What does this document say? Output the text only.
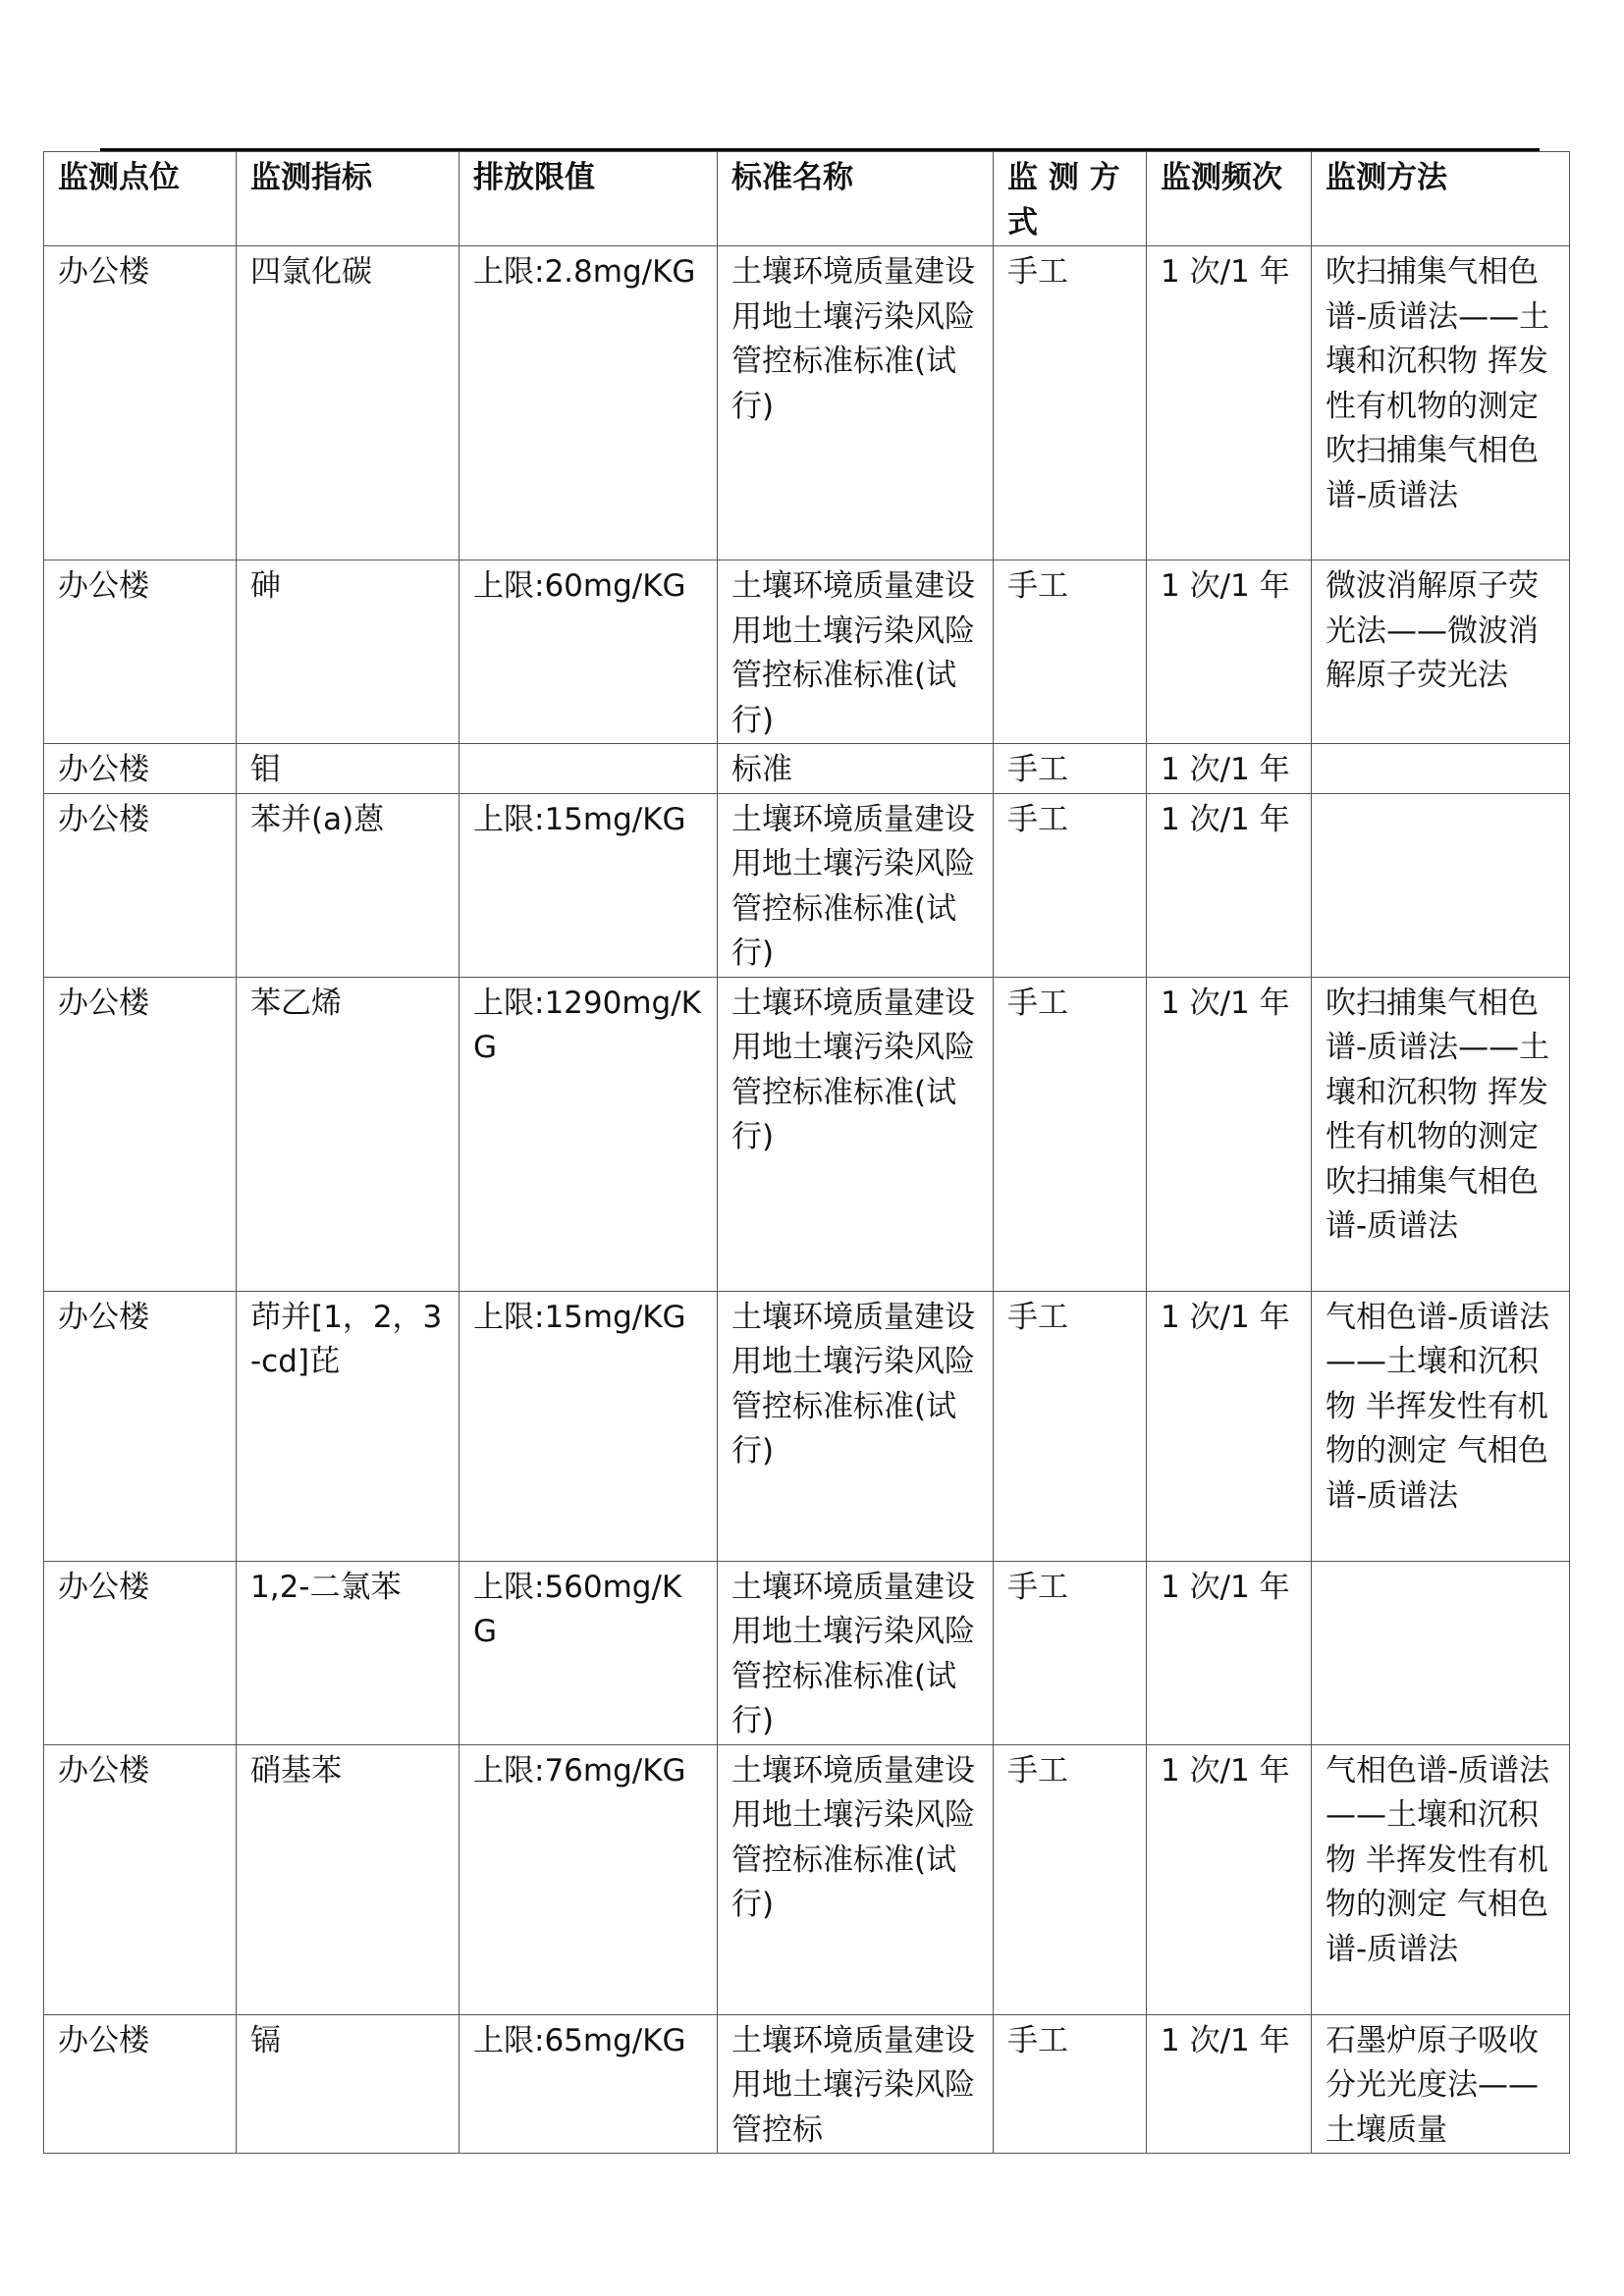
监测点位	监测指标	排放限值	标准名称	监 测 方 式	监测频次	监测方法
办公楼	四氯化碳	上限:2.8mg/KG	土壤环境质量建设用地土壤污染风险管控标准标准(试行)	手工	1 次/1 年	吹扫捕集气相色谱-质谱法——土壤和沉积物 挥发性有机物的测定 吹扫捕集气相色谱-质谱法
办公楼	砷	上限:60mg/KG	土壤环境质量建设用地土壤污染风险管控标准标准(试行)	手工	1 次/1 年	微波消解原子荧光法——微波消解原子荧光法
办公楼	钼		标准	手工	1 次/1 年	
办公楼	苯并(a)蒽	上限:15mg/KG	土壤环境质量建设用地土壤污染风险管控标准标准(试行)	手工	1 次/1 年	
办公楼	苯乙烯	上限:1290mg/KG	土壤环境质量建设用地土壤污染风险管控标准标准(试行)	手工	1 次/1 年	吹扫捕集气相色谱-质谱法——土壤和沉积物 挥发性有机物的测定 吹扫捕集气相色谱-质谱法
办公楼	茚并[1，2，3-cd]芘	上限:15mg/KG	土壤环境质量建设用地土壤污染风险管控标准标准(试行)	手工	1 次/1 年	气相色谱-质谱法——土壤和沉积物 半挥发性有机物的测定 气相色谱-质谱法
办公楼	1,2-二氯苯	上限:560mg/KG	土壤环境质量建设用地土壤污染风险管控标准标准(试行)	手工	1 次/1 年	
办公楼	硝基苯	上限:76mg/KG	土壤环境质量建设用地土壤污染风险管控标准标准(试行)	手工	1 次/1 年	气相色谱-质谱法——土壤和沉积物 半挥发性有机物的测定 气相色谱-质谱法
办公楼	镉	上限:65mg/KG	土壤环境质量建设用地土壤污染风险管控标	手工	1 次/1 年	石墨炉原子吸收分光光度法——土壤质量
